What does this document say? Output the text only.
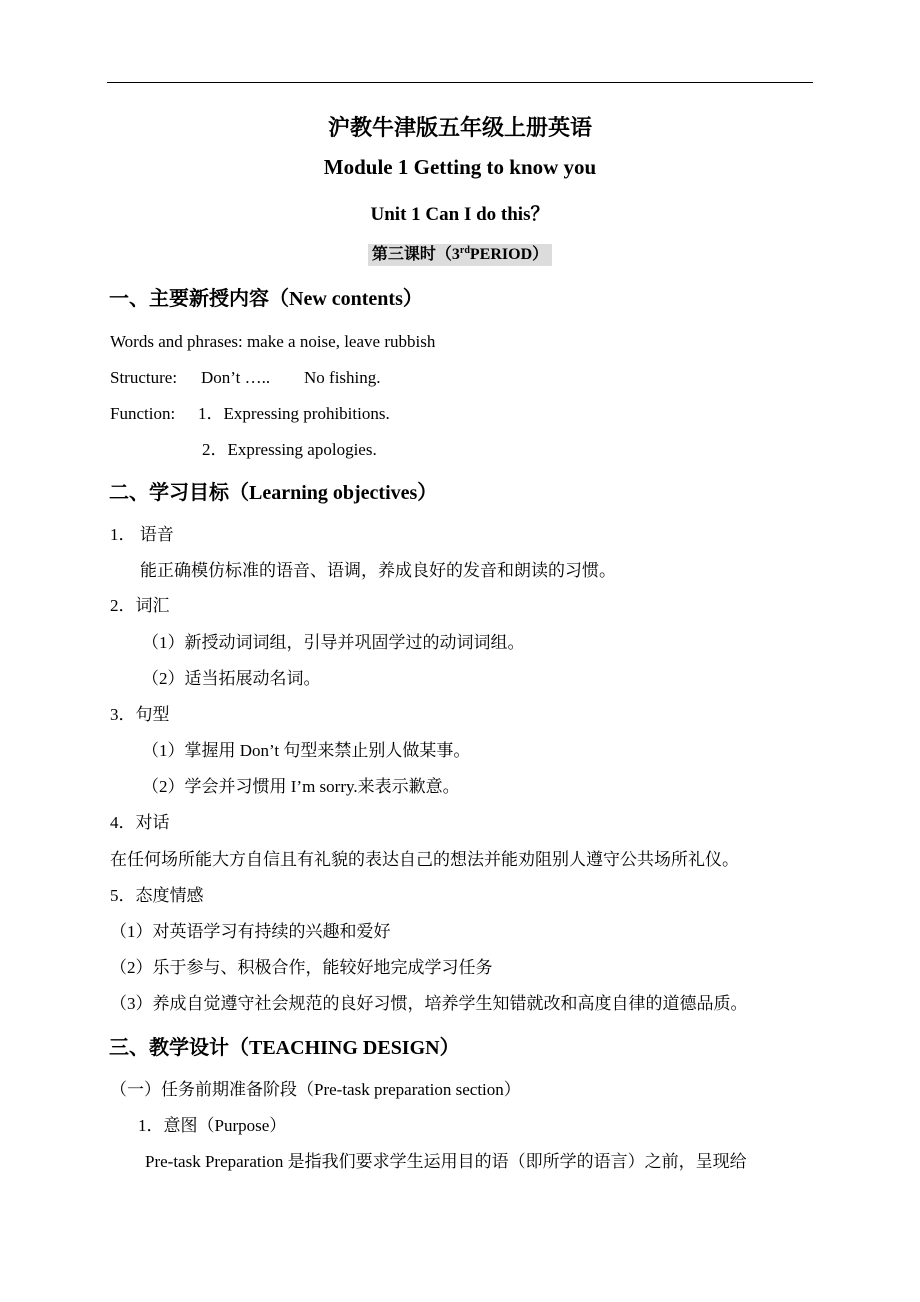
沪教牛津版五年级上册英语
Module 1 Getting to know you
Unit 1 Can I do this？
第三课时（3rdPERIOD）
一、主要新授内容（New contents）
Words and phrases: make a noise, leave rubbish
Structure: Don’t ….. No fishing.
Function: 1．Expressing prohibitions.
2．Expressing apologies.
二、学习目标（Learning objectives）
1． 语音
能正确模仿标准的语音、语调，养成良好的发音和朗读的习惯。
2．词汇
（1）新授动词词组，引导并巩固学过的动词词组。
（2）适当拓展动名词。
3．句型
（1）掌握用 Don’t 句型来禁止别人做某事。
（2）学会并习惯用 I’m sorry.来表示歉意。
4．对话
在任何场所能大方自信且有礼貌的表达自己的想法并能劝阻别人遵守公共场所礼仪。
5．态度情感
（1）对英语学习有持续的兴趣和爱好
（2）乐于参与、积极合作，能较好地完成学习任务
（3）养成自觉遵守社会规范的良好习惯，培养学生知错就改和高度自律的道德品质。
三、教学设计（TEACHING DESIGN）
（一）任务前期准备阶段（Pre-task preparation section）
1．意图（Purpose）
Pre-task Preparation 是指我们要求学生运用目的语（即所学的语言）之前，呈现给
